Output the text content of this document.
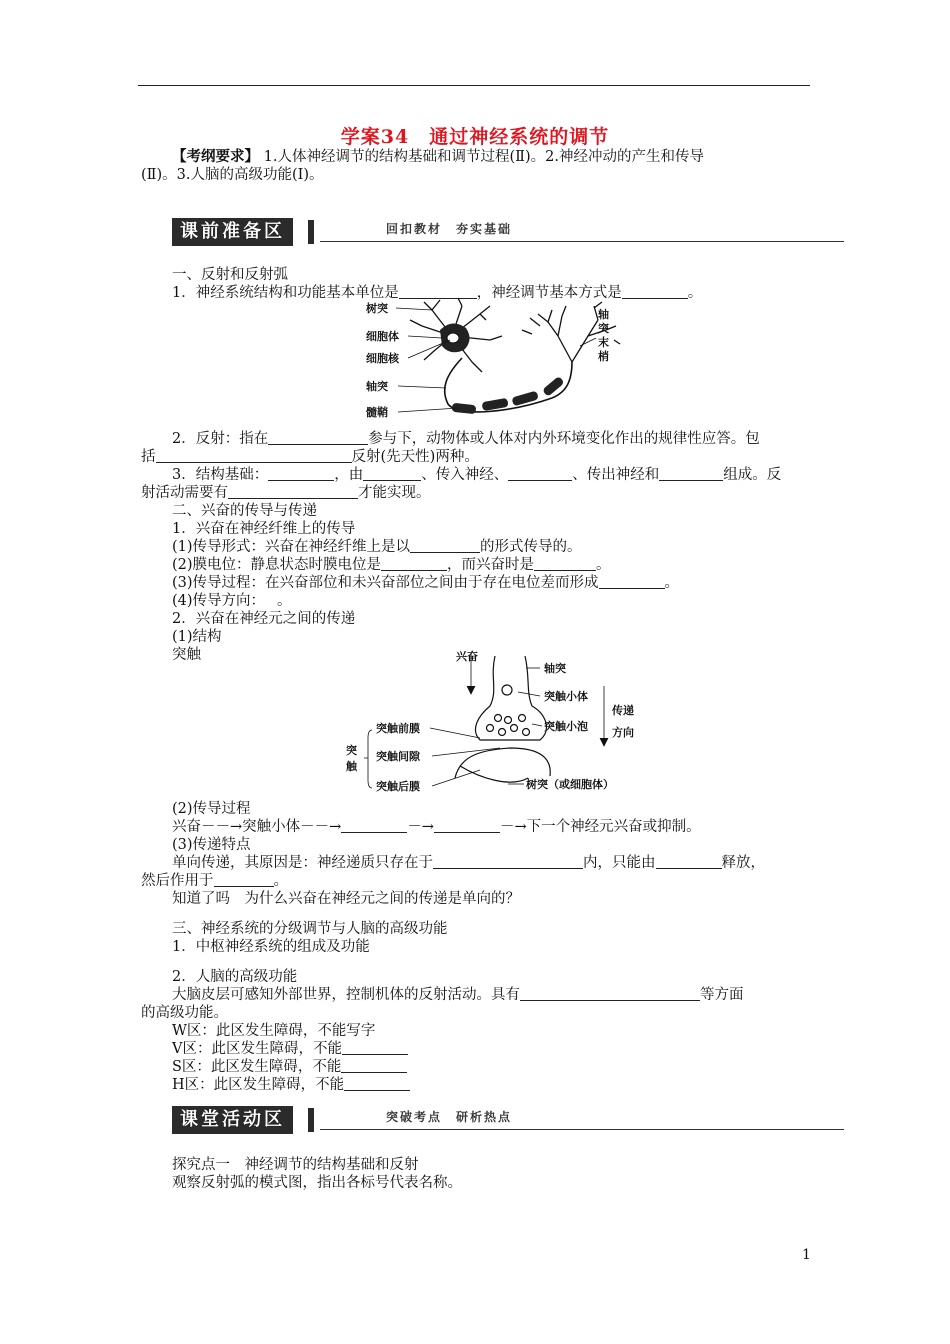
学案34　通过神经系统的调节
【考纲要求】 1.人体神经调节的结构基础和调节过程(Ⅱ)。2.神经冲动的产生和传导
(Ⅱ)。3.人脑的高级功能(Ⅰ)。
课前准备区	回扣教材　夯实基础
一、反射和反射弧
1．神经系统结构和功能基本单位是	，神经调节基本方式是	。
树突
细胞体
细胞核
轴突
髓鞘
轴
突
末
梢
2．反射：指在	参与下，动物体或人体对内外环境变化作出的规律性应答。包
括	反射(先天性)两种。
3．结构基础：	，由	、传入神经、	、传出神经和	组成。反
射活动需要有	才能实现。
二、兴奋的传导与传递
1．兴奋在神经纤维上的传导
(1)传导形式：兴奋在神经纤维上是以	的形式传导的。
(2)膜电位：静息状态时膜电位是	，而兴奋时是	。
(3)传导过程：在兴奋部位和未兴奋部位之间由于存在电位差而形成	。
(4)传导方向： 。
2．兴奋在神经元之间的传递
(1)结构
突触	兴奋
轴突
突触小体
突触小泡
传递
方向
突触前膜
突触间隙
突触后膜
突
触
树突（或细胞体）
(2)传导过程
兴奋－－→突触小体－－→	－→	－→下一个神经元兴奋或抑制。
(3)传递特点
单向传递，其原因是：神经递质只存在于	内，只能由	释放，
然后作用于	。
知道了吗　为什么兴奋在神经元之间的传递是单向的？
三、神经系统的分级调节与人脑的高级功能
1．中枢神经系统的组成及功能
2．人脑的高级功能
大脑皮层可感知外部世界，控制机体的反射活动。具有	等方面
的高级功能。
W区：此区发生障碍，不能写字
V区：此区发生障碍，不能
S区：此区发生障碍，不能
H区：此区发生障碍，不能
课堂活动区	突破考点　研析热点
探究点一　神经调节的结构基础和反射
观察反射弧的模式图，指出各标号代表名称。
1
